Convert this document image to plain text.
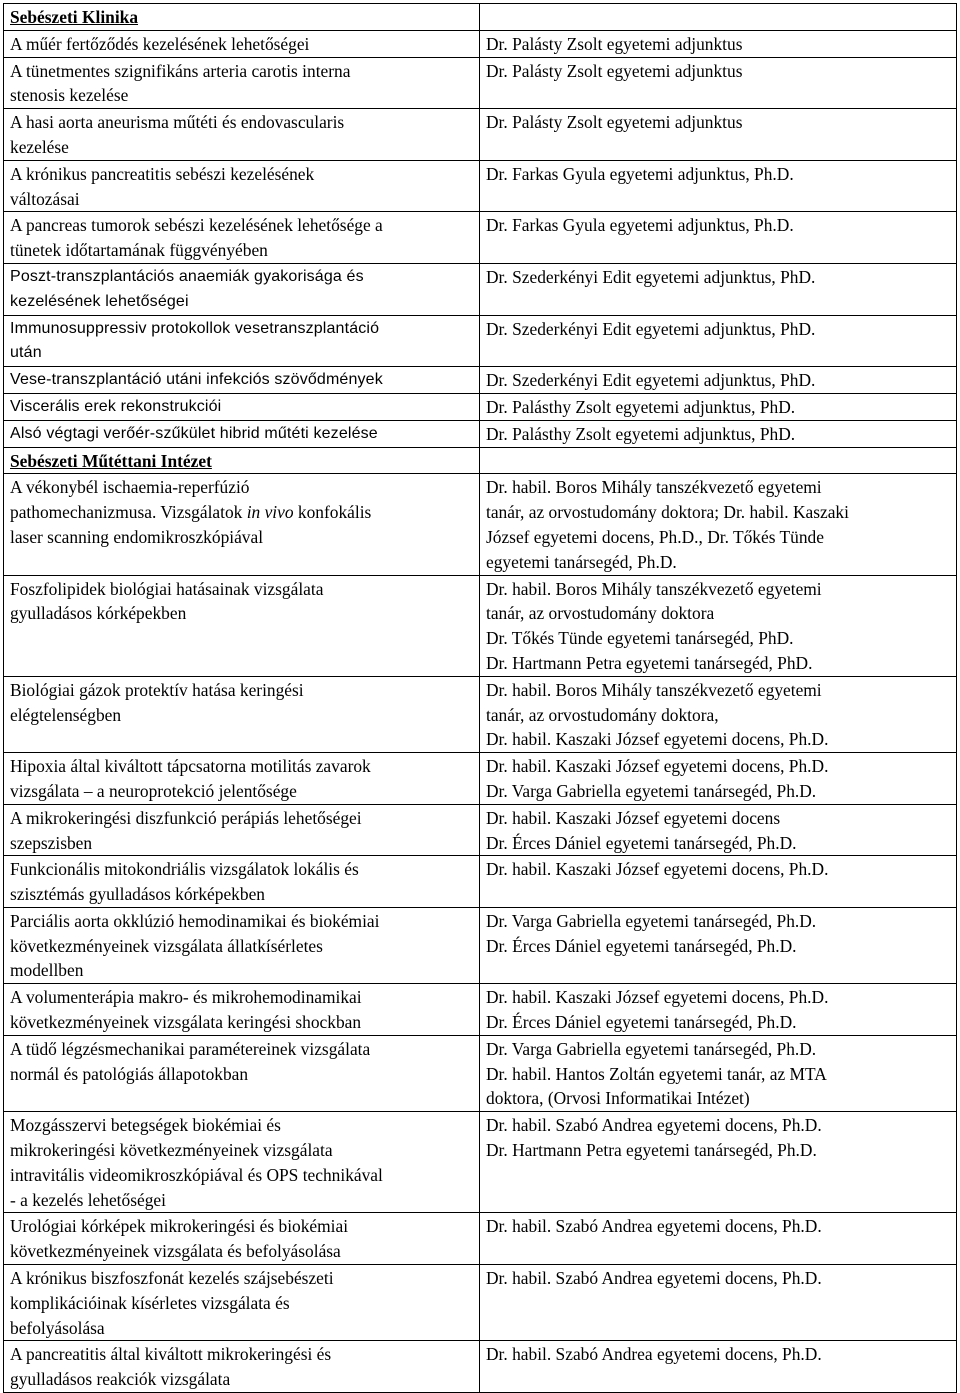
Sebészeti Klinika	

A műér fertőződés kezelésének lehetőségei	Dr. Palásty Zsolt egyetemi adjunktus

A tünetmentes szignifikáns arteria carotis interna
stenosis kezelése	Dr. Palásty Zsolt egyetemi adjunktus

A hasi aorta aneurisma műtéti és endovascularis
kezelése	Dr. Palásty Zsolt egyetemi adjunktus

A krónikus pancreatitis sebészi kezelésének
változásai	Dr. Farkas Gyula egyetemi adjunktus, Ph.D.

A pancreas tumorok sebészi kezelésének lehetősége a
tünetek időtartamának függvényében	Dr. Farkas Gyula egyetemi adjunktus, Ph.D.

Poszt-transzplantációs anaemiák gyakorisága és
kezelésének lehetőségei	Dr. Szederkényi Edit egyetemi adjunktus, PhD.

Immunosuppressiv protokollok vesetranszplantáció
után	Dr. Szederkényi Edit egyetemi adjunktus, PhD.

Vese-transzplantáció utáni infekciós szövődmények	Dr. Szederkényi Edit egyetemi adjunktus, PhD.

Viscerális erek rekonstrukciói	Dr. Palásthy Zsolt egyetemi adjunktus, PhD.

Alsó végtagi verőér-szűkület hibrid műtéti kezelése	Dr. Palásthy Zsolt egyetemi adjunktus, PhD.

Sebészeti Műtéttani Intézet	

A vékonybél ischaemia-reperfúzió
pathomechanizmusa. Vizsgálatok in vivo konfokális
laser scanning endomikroszkópiával	Dr. habil. Boros Mihály tanszékvezető egyetemi
tanár, az orvostudomány doktora; Dr. habil. Kaszaki
József egyetemi docens, Ph.D., Dr. Tőkés Tünde
egyetemi tanársegéd, Ph.D.

Foszfolipidek biológiai hatásainak vizsgálata
gyulladásos kórképekben	Dr. habil. Boros Mihály tanszékvezető egyetemi
tanár, az orvostudomány doktora
Dr. Tőkés Tünde egyetemi tanársegéd, PhD.
Dr. Hartmann Petra egyetemi tanársegéd, PhD.

Biológiai gázok protektív hatása keringési
elégtelenségben	Dr. habil. Boros Mihály tanszékvezető egyetemi
tanár, az orvostudomány doktora,
Dr. habil. Kaszaki József egyetemi docens, Ph.D.

Hipoxia által kiváltott tápcsatorna motilitás zavarok
vizsgálata – a neuroprotekció jelentősége	Dr. habil. Kaszaki József egyetemi docens, Ph.D.
Dr. Varga Gabriella egyetemi tanársegéd, Ph.D.

A mikrokeringési diszfunkció perápiás lehetőségei
szepszisben	Dr. habil. Kaszaki József egyetemi docens
Dr. Érces Dániel egyetemi tanársegéd, Ph.D.

Funkcionális mitokondriális vizsgálatok lokális és
szisztémás gyulladásos kórképekben	Dr. habil. Kaszaki József egyetemi docens, Ph.D.

Parciális aorta okklúzió hemodinamikai és biokémiai
következményeinek vizsgálata állatkísérletes
modellben	Dr. Varga Gabriella egyetemi tanársegéd, Ph.D.
Dr. Érces Dániel egyetemi tanársegéd, Ph.D.

A volumenterápia makro- és mikrohemodinamikai
következményeinek vizsgálata keringési shockban	Dr. habil. Kaszaki József egyetemi docens, Ph.D.
Dr. Érces Dániel egyetemi tanársegéd, Ph.D.

A tüdő légzésmechanikai paramétereinek vizsgálata
normál és patológiás állapotokban	Dr. Varga Gabriella egyetemi tanársegéd, Ph.D.
Dr. habil. Hantos Zoltán egyetemi tanár, az MTA
doktora, (Orvosi Informatikai Intézet)

Mozgásszervi betegségek biokémiai és
mikrokeringési következményeinek vizsgálata
intravitális videomikroszkópiával és OPS technikával
- a kezelés lehetőségei	Dr. habil. Szabó Andrea egyetemi docens, Ph.D.
Dr. Hartmann Petra egyetemi tanársegéd, Ph.D.

Urológiai kórképek mikrokeringési és biokémiai
következményeinek vizsgálata és befolyásolása	Dr. habil. Szabó Andrea egyetemi docens, Ph.D.

A krónikus biszfoszfonát kezelés szájsebészeti
komplikációinak kísérletes vizsgálata és
befolyásolása	Dr. habil. Szabó Andrea egyetemi docens, Ph.D.

A pancreatitis által kiváltott mikrokeringési és
gyulladásos reakciók vizsgálata	Dr. habil. Szabó Andrea egyetemi docens, Ph.D.
